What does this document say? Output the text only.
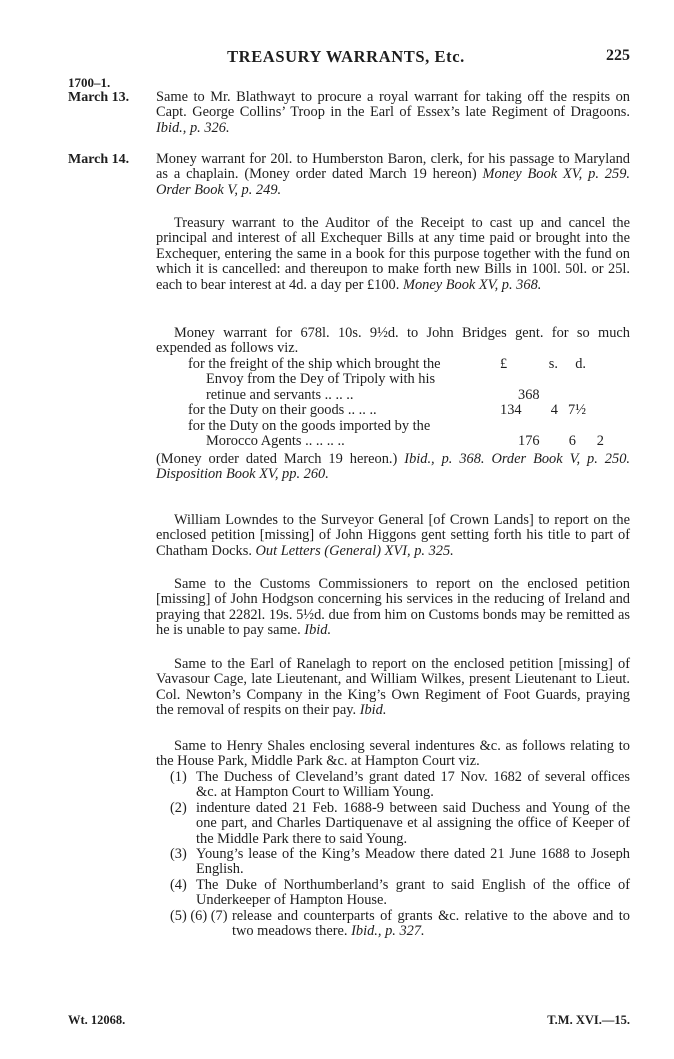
TREASURY WARRANTS, Etc.	225
1700–1.
March 13.	Same to Mr. Blathwayt to procure a royal warrant for taking off the respits on Capt. George Collins’ Troop in the Earl of Essex’s late Regiment of Dragoons. Ibid., p. 326.
March 14.	Money warrant for 20l. to Humberston Baron, clerk, for his passage to Maryland as a chaplain. (Money order dated March 19 hereon) Money Book XV, p. 259. Order Book V, p. 249.
Treasury warrant to the Auditor of the Receipt to cast up and cancel the principal and interest of all Exchequer Bills at any time paid or brought into the Exchequer, entering the same in a book for this purpose together with the fund on which it is cancelled: and thereupon to make forth new Bills in 100l. 50l. or 25l. each to bear interest at 4d. a day per £100. Money Book XV, p. 368.
Money warrant for 678l. 10s. 9½d. to John Bridges gent. for so much expended as follows viz.
for the freight of the ship which brought the	£	s.	d.
Envoy from the Dey of Tripoly with his
retinue and servants .. .. ..	368
for the Duty on their goods .. .. ..	134	4 7½
for the Duty on the goods imported by the
Morocco Agents .. .. .. ..	176	6	2
(Money order dated March 19 hereon.) Ibid., p. 368. Order Book V, p. 250. Disposition Book XV, pp. 260.
William Lowndes to the Surveyor General [of Crown Lands] to report on the enclosed petition [missing] of John Higgons gent setting forth his title to part of Chatham Docks. Out Letters (General) XVI, p. 325.
Same to the Customs Commissioners to report on the enclosed petition [missing] of John Hodgson concerning his services in the reducing of Ireland and praying that 2282l. 19s. 5½d. due from him on Customs bonds may be remitted as he is unable to pay same. Ibid.
Same to the Earl of Ranelagh to report on the enclosed petition [missing] of Vavasour Cage, late Lieutenant, and William Wilkes, present Lieutenant to Lieut. Col. Newton’s Company in the King’s Own Regiment of Foot Guards, praying the removal of respits on their pay. Ibid.
Same to Henry Shales enclosing several indentures &c. as follows relating to the House Park, Middle Park &c. at Hampton Court viz.
(1) The Duchess of Cleveland’s grant dated 17 Nov. 1682 of several offices &c. at Hampton Court to William Young.
(2) indenture dated 21 Feb. 1688-9 between said Duchess and Young of the one part, and Charles Dartiquenave et al assigning the office of Keeper of the Middle Park there to said Young.
(3) Young’s lease of the King’s Meadow there dated 21 June 1688 to Joseph English.
(4) The Duke of Northumberland’s grant to said English of the office of Underkeeper of Hampton House.
(5) (6) (7) release and counterparts of grants &c. relative to the above and to two meadows there. Ibid., p. 327.
Wt. 12068.	T.M. XVI.—15.
